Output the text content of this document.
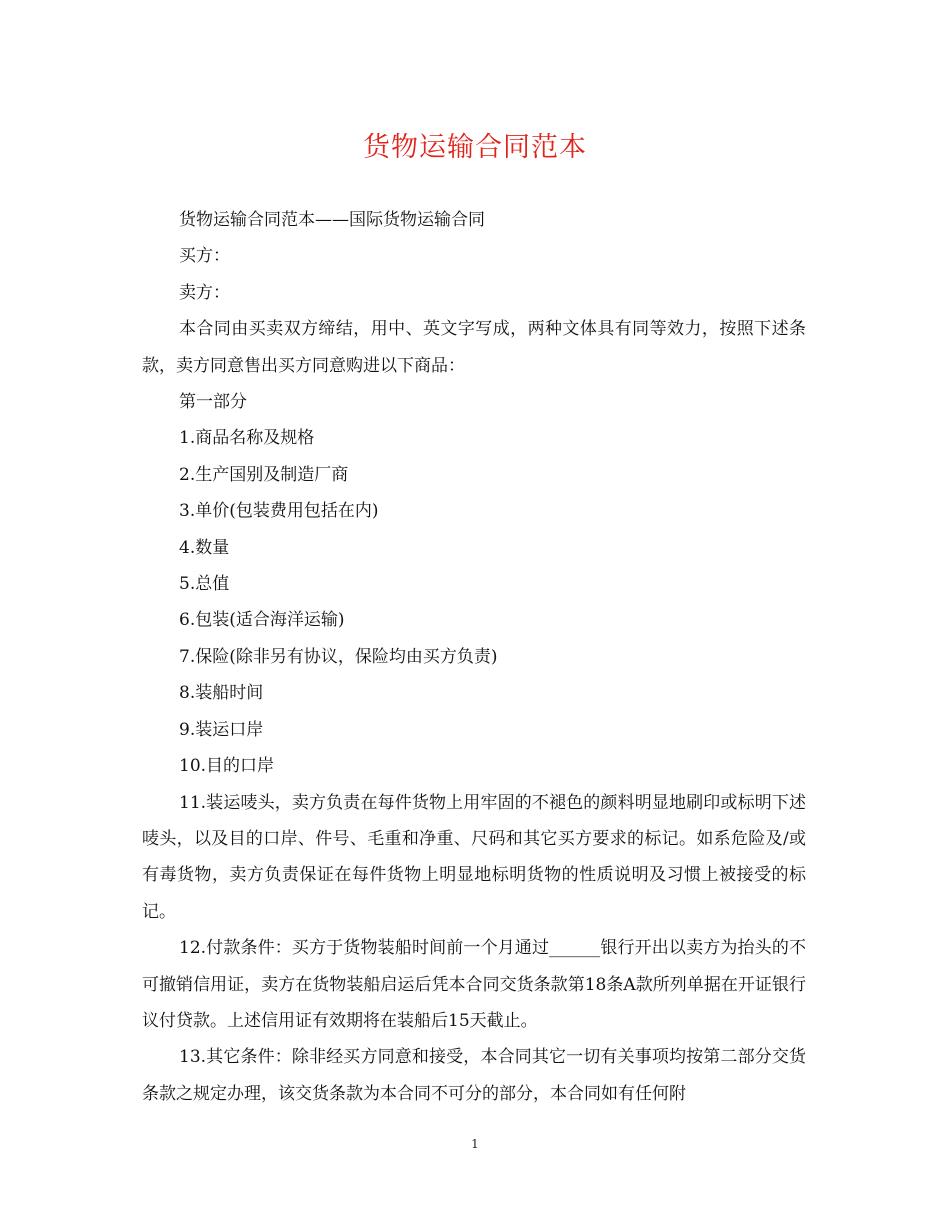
货物运输合同范本

货物运输合同范本——国际货物运输合同

买方：

卖方：

本合同由买卖双方缔结，用中、英文字写成，两种文体具有同等效力，按照下述条款，卖方同意售出买方同意购进以下商品：

第一部分

1.商品名称及规格

2.生产国别及制造厂商

3.单价(包装费用包括在内)

4.数量

5.总值

6.包装(适合海洋运输)

7.保险(除非另有协议，保险均由买方负责)

8.装船时间

9.装运口岸

10.目的口岸

11.装运唛头，卖方负责在每件货物上用牢固的不褪色的颜料明显地刷印或标明下述唛头，以及目的口岸、件号、毛重和净重、尺码和其它买方要求的标记。如系危险及/或有毒货物，卖方负责保证在每件货物上明显地标明货物的性质说明及习惯上被接受的标记。

12.付款条件：买方于货物装船时间前一个月通过______银行开出以卖方为抬头的不可撤销信用证，卖方在货物装船启运后凭本合同交货条款第18条A款所列单据在开证银行议付贷款。上述信用证有效期将在装船后15天截止。

13.其它条件：除非经买方同意和接受，本合同其它一切有关事项均按第二部分交货条款之规定办理，该交货条款为本合同不可分的部分，本合同如有任何附

1
